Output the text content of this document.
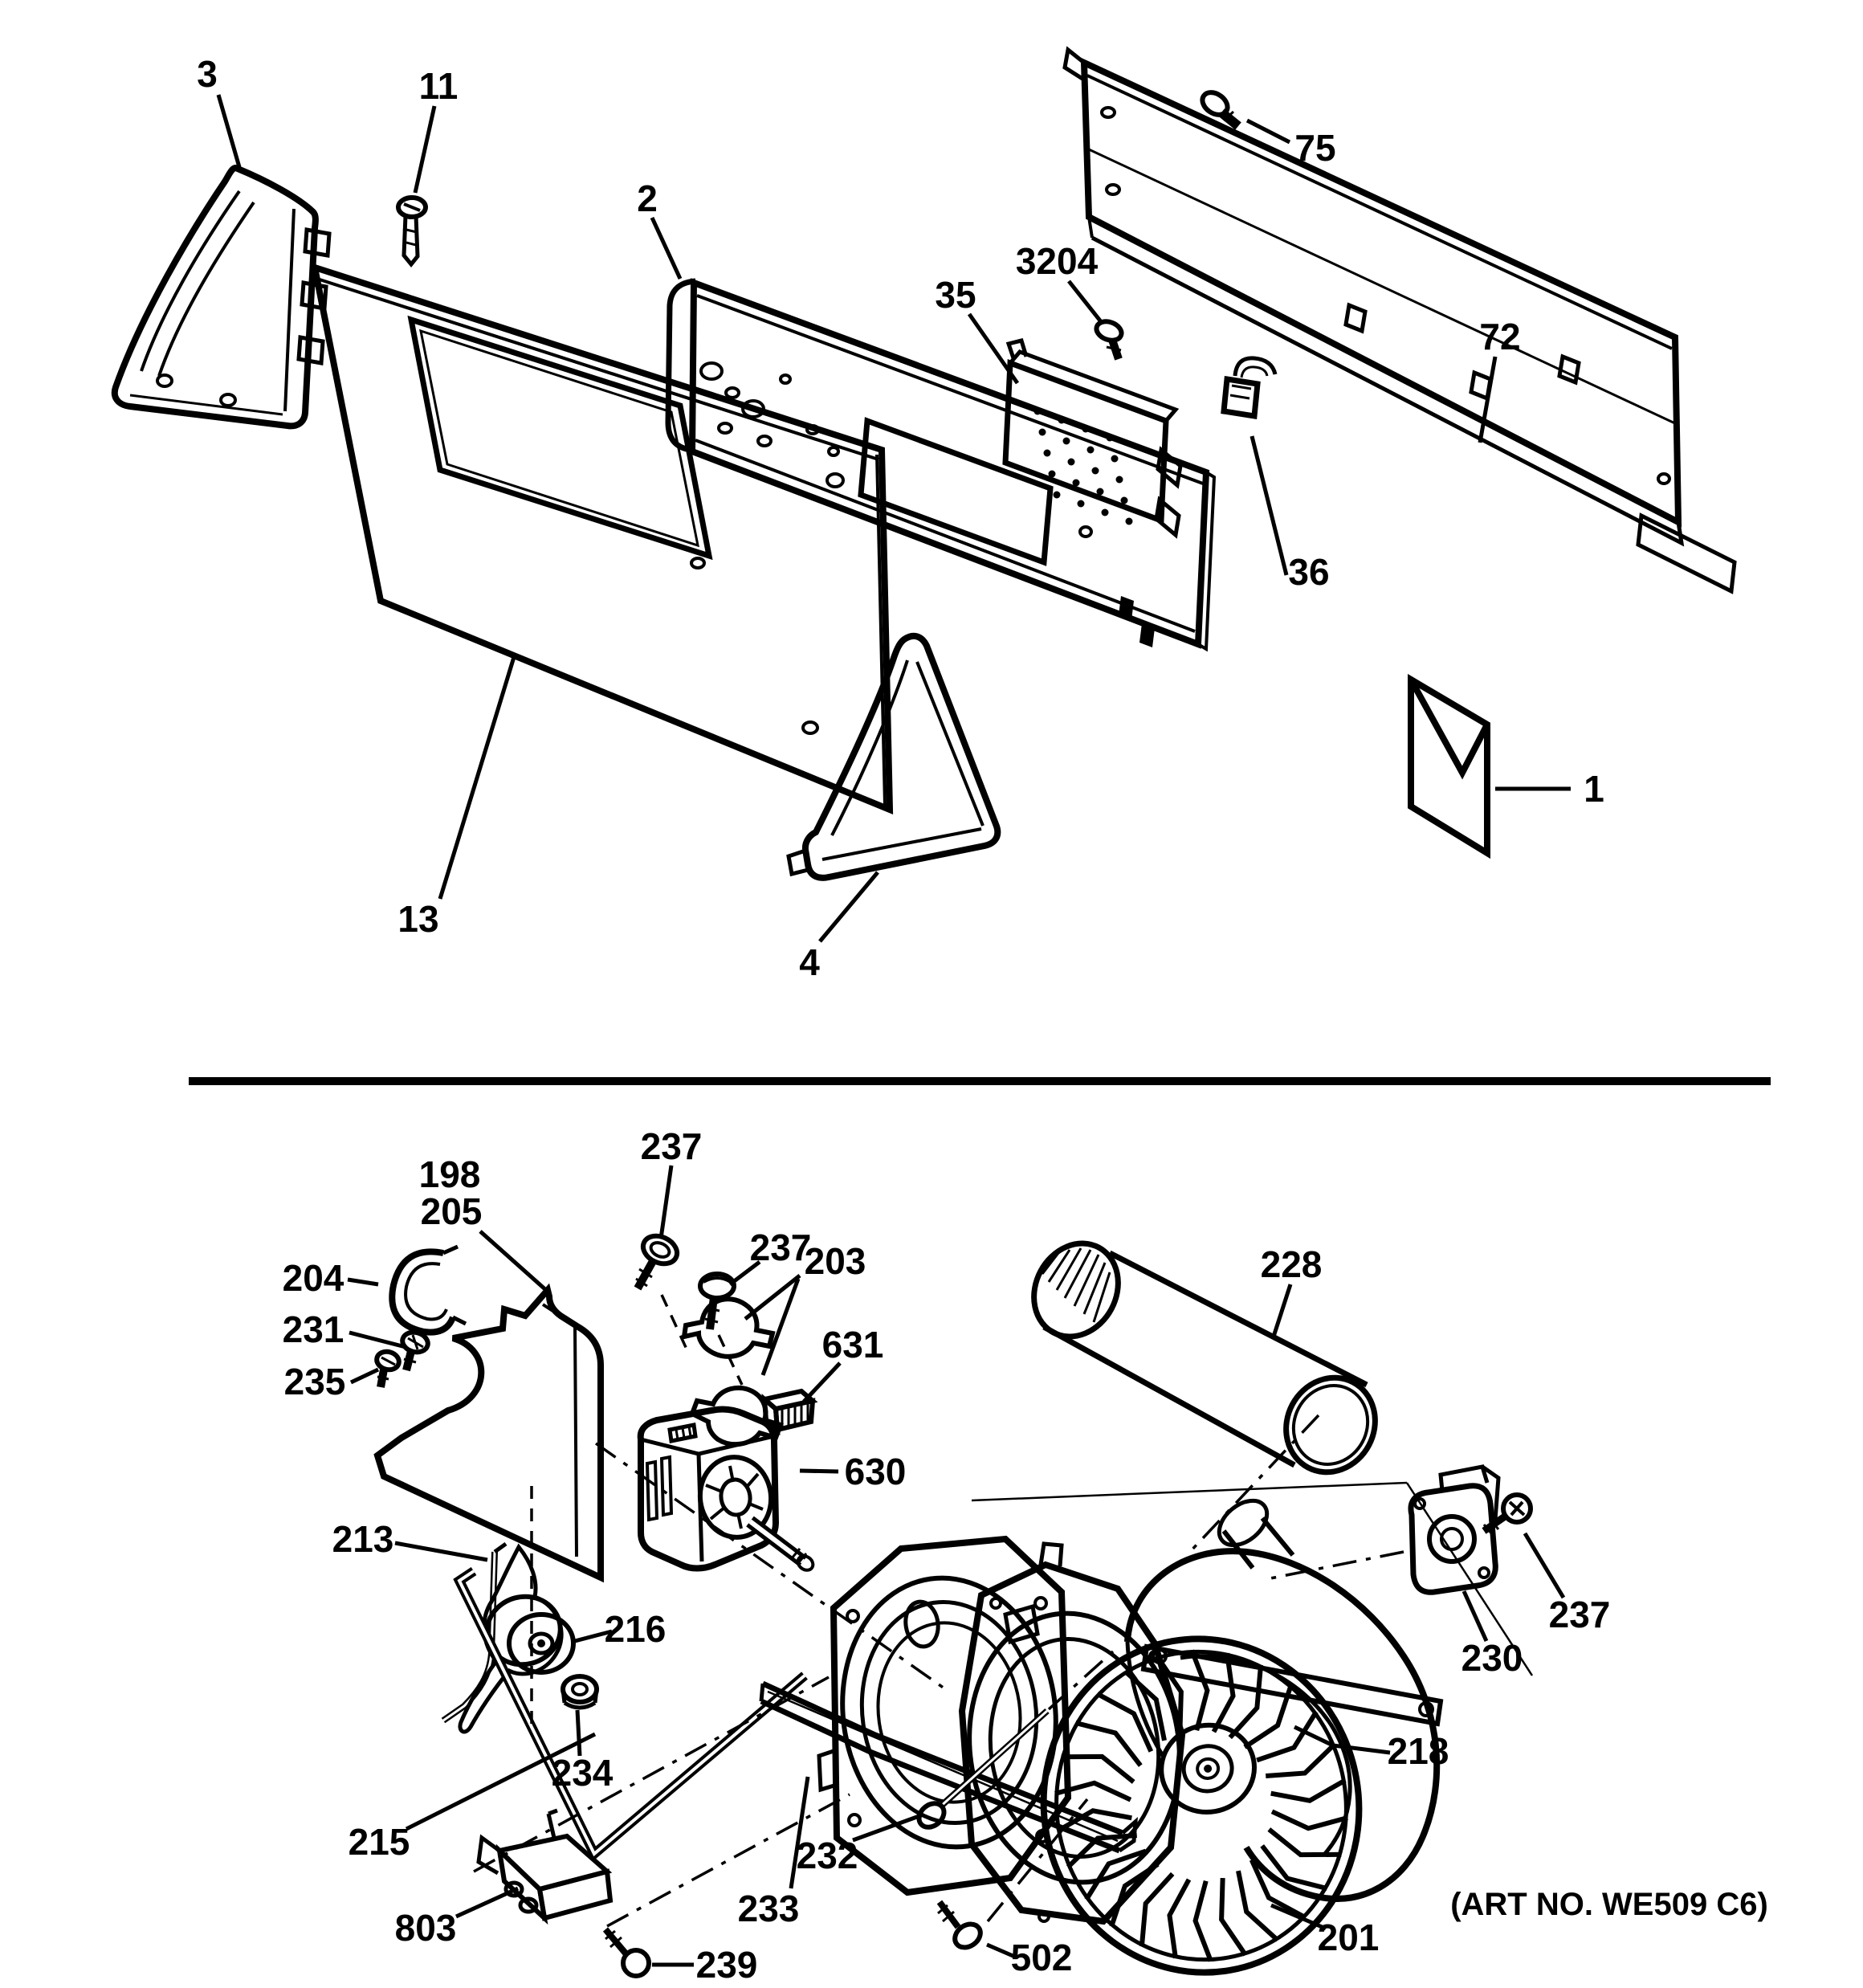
3	11
2
13
35
3204
75
72
36
4
1
198
205
204
231
235
237
237
203
631
630
228
213
216
234
215
233
232
803
239	502	201
218
230
237
(ART NO. WE509 C6)
